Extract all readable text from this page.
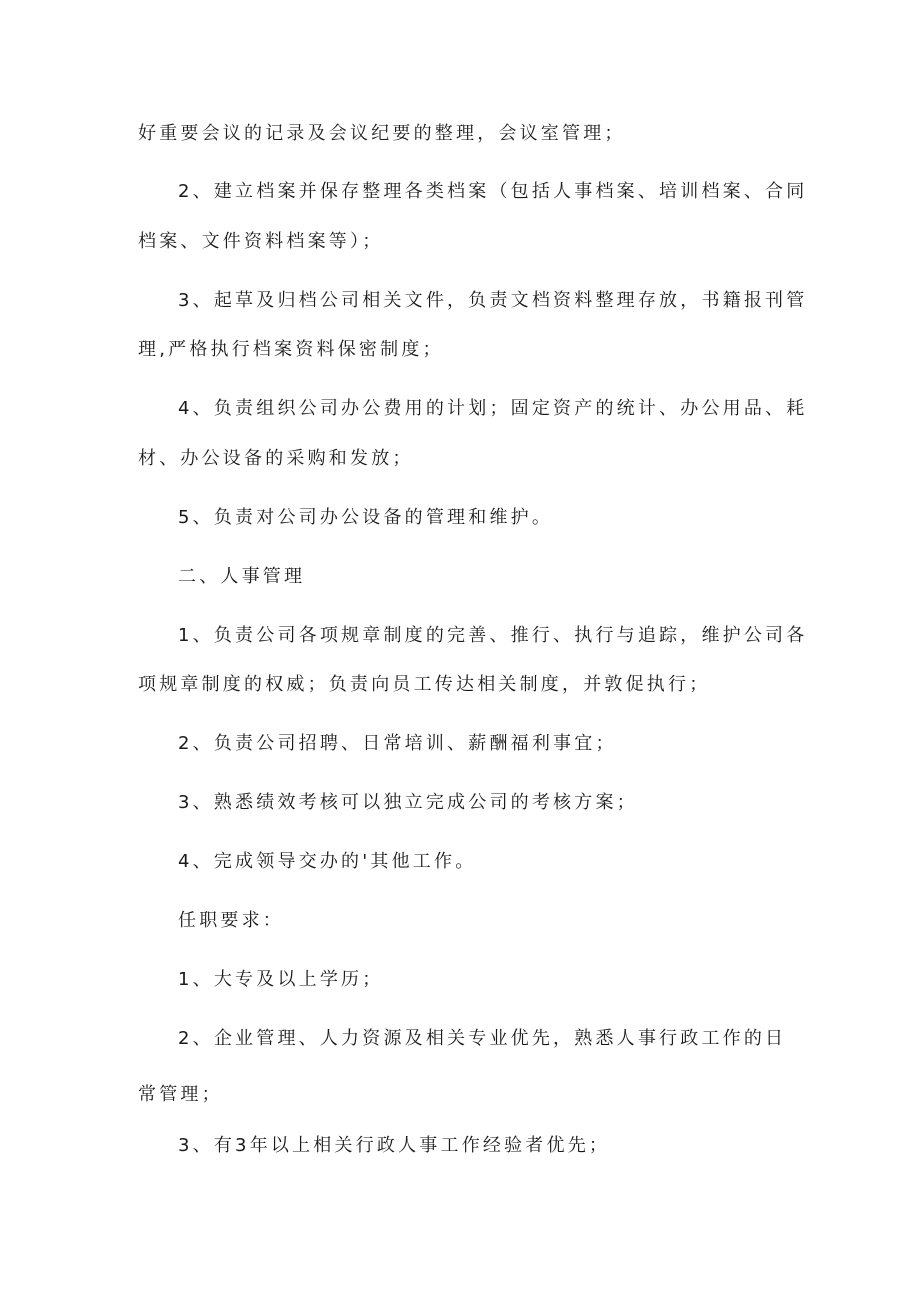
好重要会议的记录及会议纪要的整理，会议室管理；
2、建立档案并保存整理各类档案（包括人事档案、培训档案、合同
档案、文件资料档案等）；
3、起草及归档公司相关文件，负责文档资料整理存放，书籍报刊管
理,严格执行档案资料保密制度；
4、负责组织公司办公费用的计划；固定资产的统计、办公用品、耗
材、办公设备的采购和发放；
5、负责对公司办公设备的管理和维护。
二、人事管理
1、负责公司各项规章制度的完善、推行、执行与追踪，维护公司各
项规章制度的权威；负责向员工传达相关制度，并敦促执行；
2、负责公司招聘、日常培训、薪酬福利事宜；
3、熟悉绩效考核可以独立完成公司的考核方案；
4、完成领导交办的'其他工作。
任职要求：
1、大专及以上学历；
2、企业管理、人力资源及相关专业优先，熟悉人事行政工作的日
常管理；
3、有3年以上相关行政人事工作经验者优先；
